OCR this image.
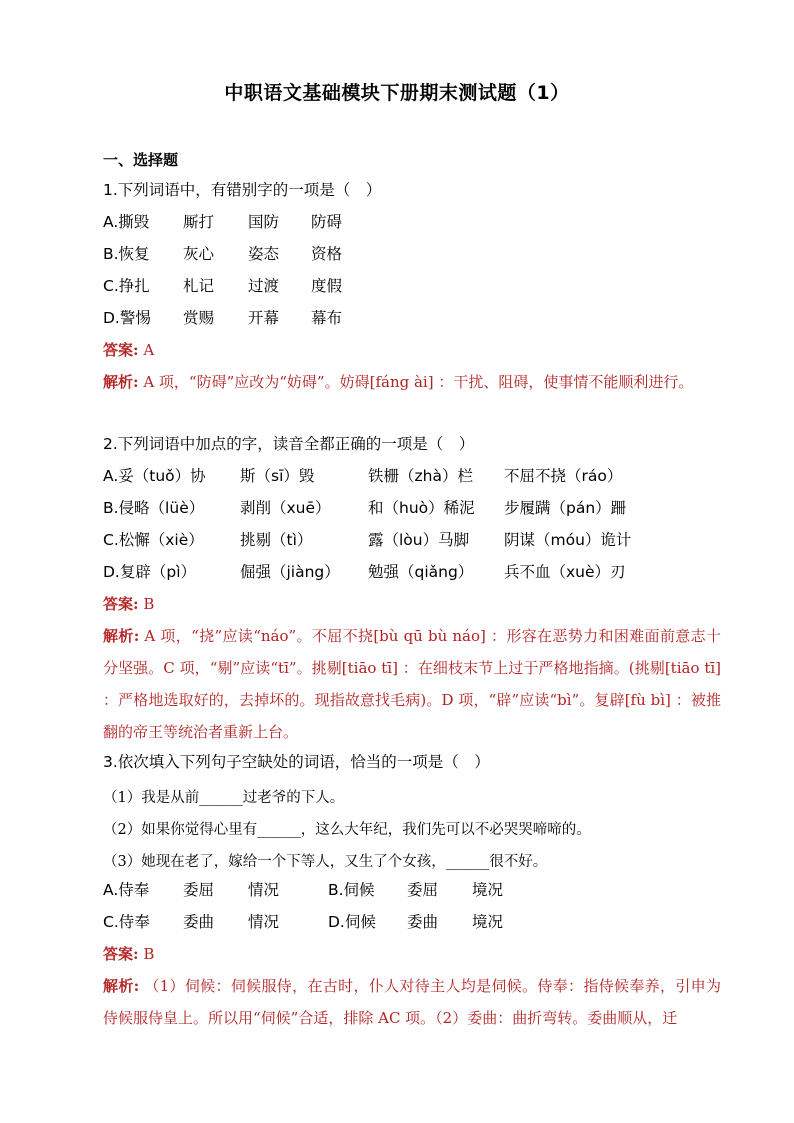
中职语文基础模块下册期末测试题（1）
一、选择题
1.下列词语中，有错别字的一项是（　）
A.撕毁 厮打 国防 防碍
B.恢复 灰心 姿态 资格
C.挣扎 札记 过渡 度假
D.警惕 赏赐 开幕 幕布
答案: A
解析: A 项，“防碍”应改为“妨碍”。妨碍[fáng ài] ：干扰、阻碍，使事情不能顺利进行。
2.下列词语中加点的字，读音全都正确的一项是（　）
A.妥（tuǒ）协 斯（sī）毁	铁栅（zhà）栏 不屈不挠（ráo）
B.侵略（lüè） 剥削（xuē） 和（huò）稀泥 步履蹒（pán）跚
C.松懈（xiè） 挑剔（tì）	露（lòu）马脚 阴谋（móu）诡计
D.复辟（pì）	倔强（jiàng） 勉强（qiǎng） 兵不血（xuè）刃
答案: B
解析: A 项，“挠”应读“náo”。不屈不挠[bù qū bù náo] ：形容在恶势力和困难面前意志十分坚强。C 项，“剔”应读“tī”。挑剔[tiāo tī] ：在细枝末节上过于严格地指摘。(挑剔[tiāo tī] ：严格地选取好的，去掉坏的。现指故意找毛病)。D 项，“辟”应读“bì”。复辟[fù bì] ：被推翻的帝王等统治者重新上台。
3.依次填入下列句子空缺处的词语，恰当的一项是（　）
（1）我是从前______过老爷的下人。
（2）如果你觉得心里有______，这么大年纪，我们先可以不必哭哭啼啼的。
（3）她现在老了，嫁给一个下等人，又生了个女孩，______很不好。
A.侍奉 委屈 情况	B.伺候 委屈 境况
C.侍奉 委曲 情况	D.伺候 委曲 境况
答案: B
解析: （1）伺候：伺候服侍，在古时，仆人对待主人均是伺候。侍奉：指侍候奉养，引申为侍候服侍皇上。所以用“伺候”合适，排除 AC 项。（2）委曲：曲折弯转。委曲顺从，迁
